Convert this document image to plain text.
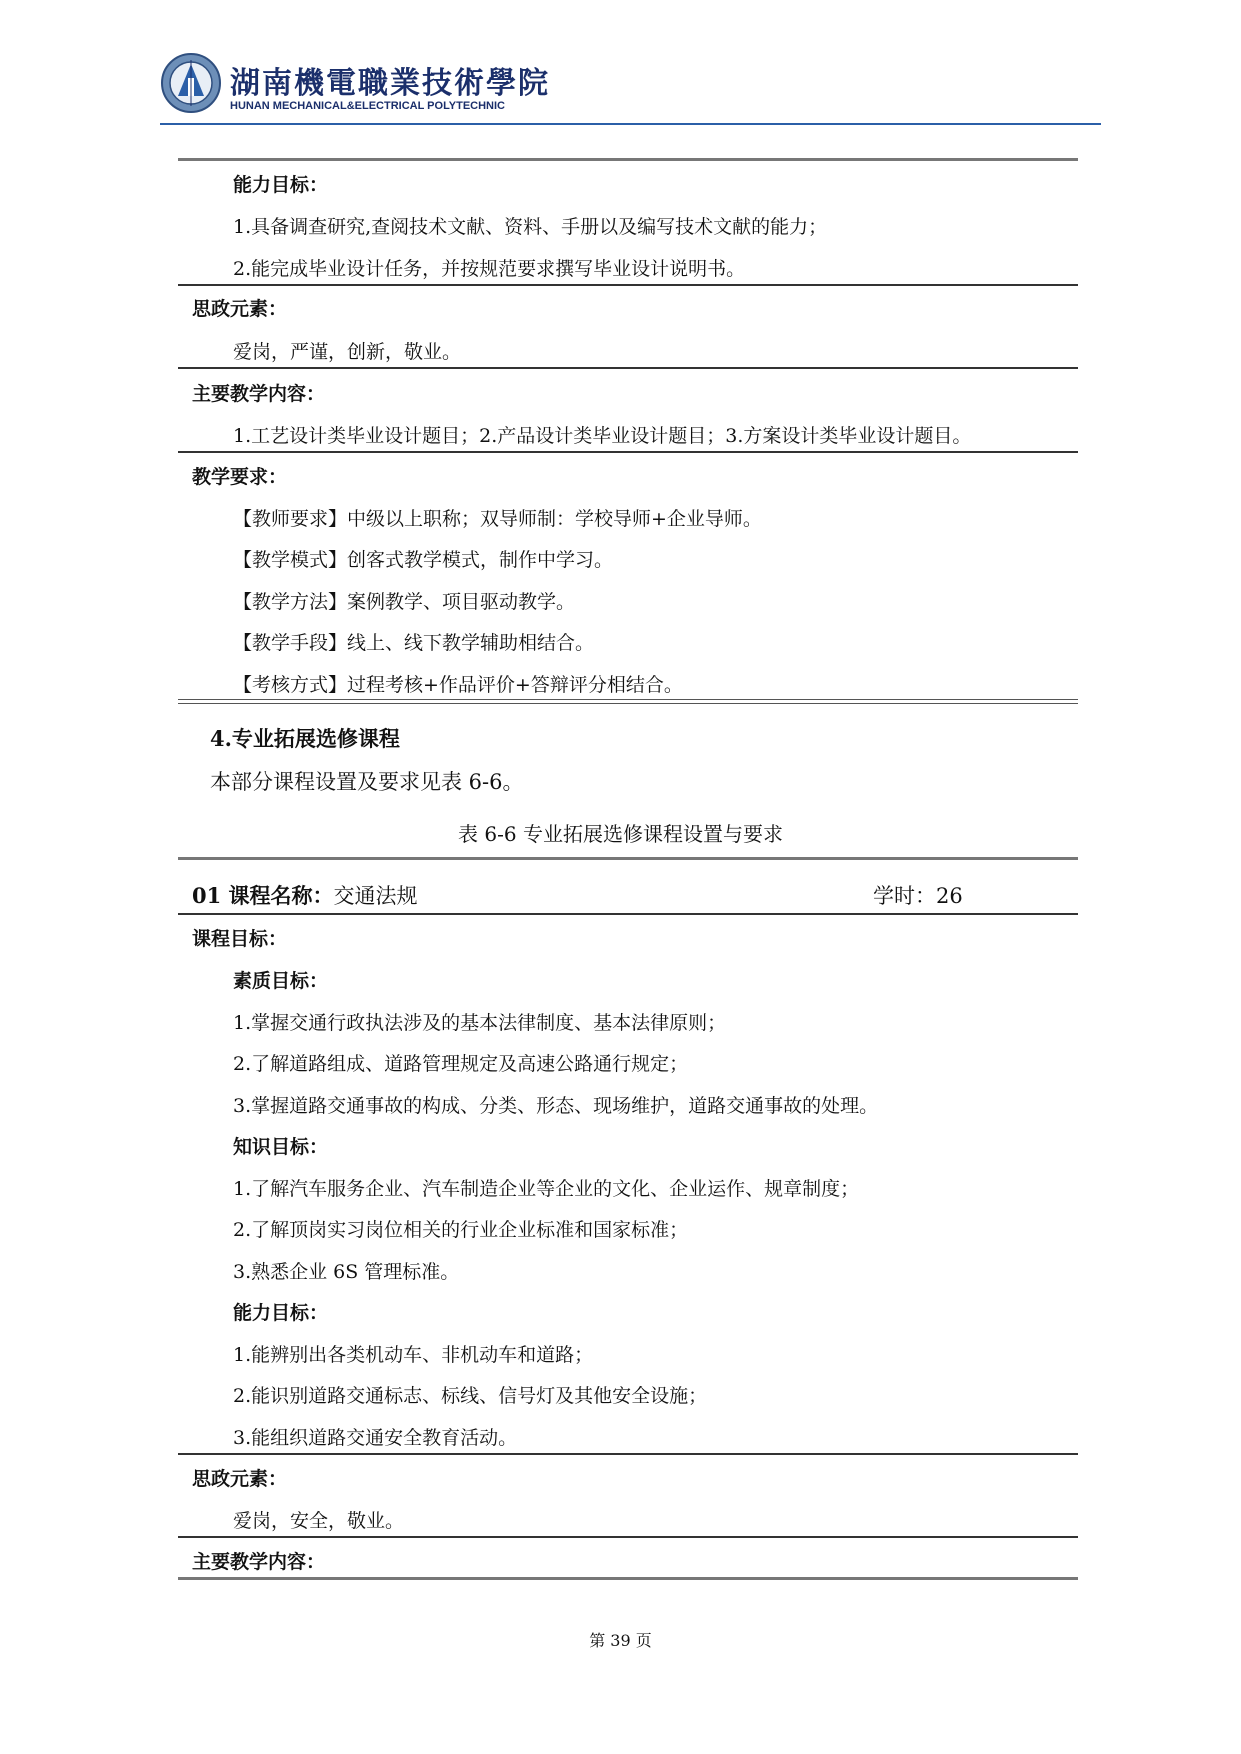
湖南機電職業技術學院
HUNAN MECHANICAL&ELECTRICAL POLYTECHNIC
能力目标：
1.具备调查研究,查阅技术文献、资料、手册以及编写技术文献的能力；
2.能完成毕业设计任务，并按规范要求撰写毕业设计说明书。
思政元素：
爱岗，严谨，创新，敬业。
主要教学内容：
1.工艺设计类毕业设计题目；2.产品设计类毕业设计题目；3.方案设计类毕业设计题目。
教学要求：
【教师要求】中级以上职称；双导师制：学校导师+企业导师。
【教学模式】创客式教学模式，制作中学习。
【教学方法】案例教学、项目驱动教学。
【教学手段】线上、线下教学辅助相结合。
【考核方式】过程考核+作品评价+答辩评分相结合。
4.专业拓展选修课程
本部分课程设置及要求见表 6-6。
表 6-6 专业拓展选修课程设置与要求
01 课程名称：交通法规	学时：26
课程目标：
素质目标：
1.掌握交通行政执法涉及的基本法律制度、基本法律原则；
2.了解道路组成、道路管理规定及高速公路通行规定；
3.掌握道路交通事故的构成、分类、形态、现场维护，道路交通事故的处理。
知识目标：
1.了解汽车服务企业、汽车制造企业等企业的文化、企业运作、规章制度；
2.了解顶岗实习岗位相关的行业企业标准和国家标准；
3.熟悉企业 6S 管理标准。
能力目标：
1.能辨别出各类机动车、非机动车和道路；
2.能识别道路交通标志、标线、信号灯及其他安全设施；
3.能组织道路交通安全教育活动。
思政元素：
爱岗，安全，敬业。
主要教学内容：
第 39 页
